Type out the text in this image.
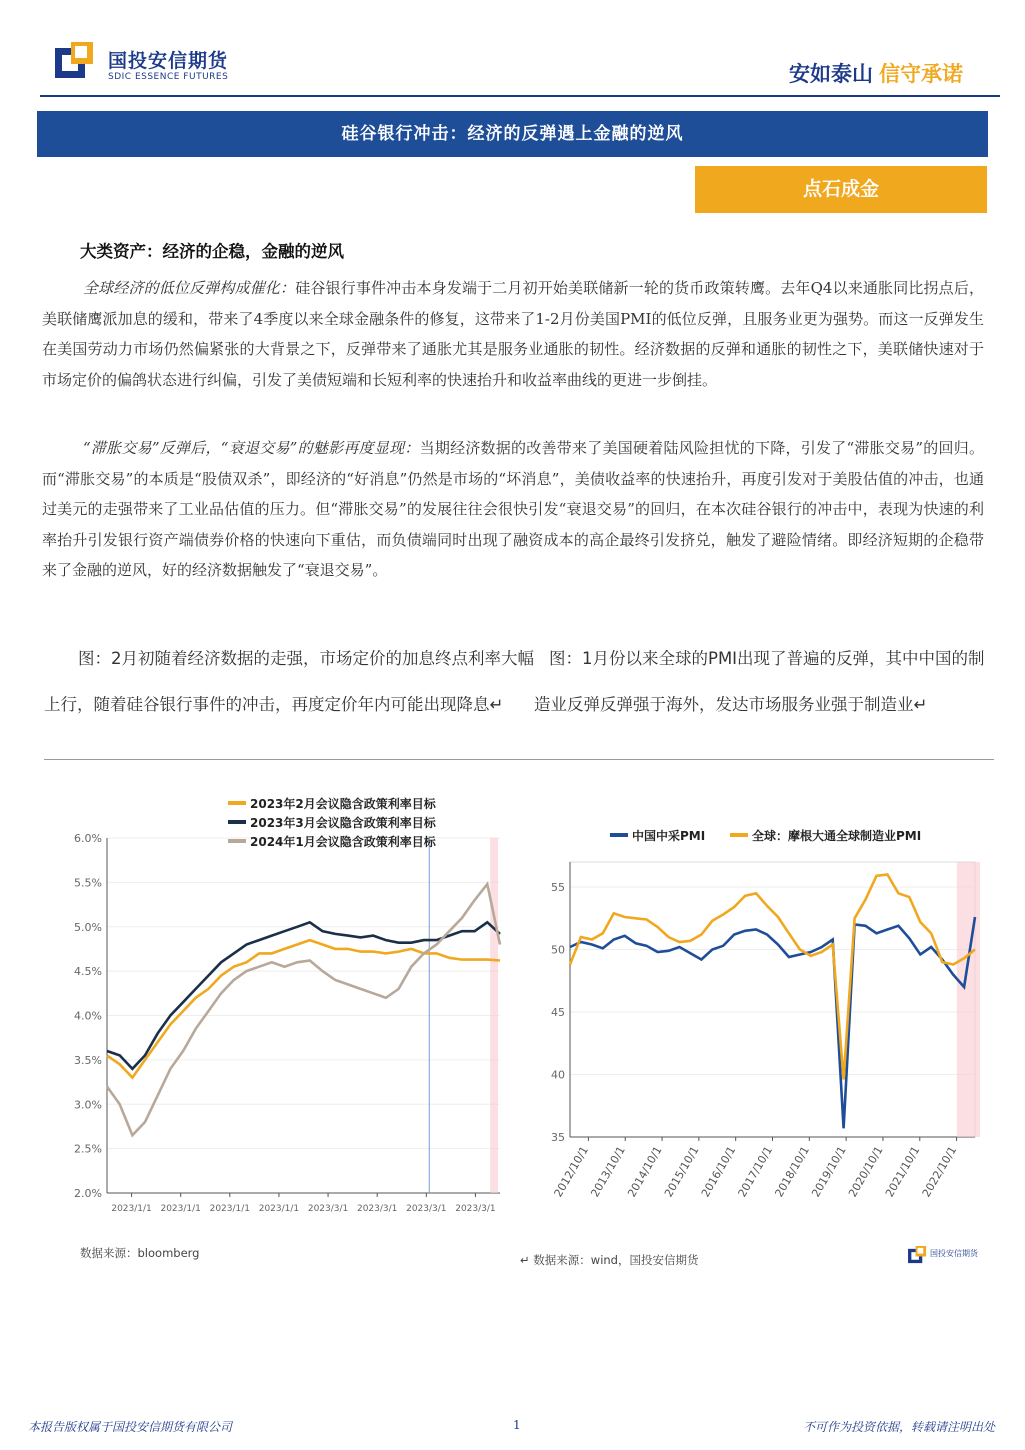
国投安信期货
SDIC ESSENCE FUTURES	安如泰山 信守承诺
硅谷银行冲击：经济的反弹遇上金融的逆风
点石成金
大类资产：经济的企稳，金融的逆风

全球经济的低位反弹构成催化：硅谷银行事件冲击本身发端于二月初开始美联储新一轮的货币政策转鹰。去年Q4以来通胀同比拐点后，美联储鹰派加息的缓和，带来了4季度以来全球金融条件的修复，这带来了1-2月份美国PMI的低位反弹，且服务业更为强势。而这一反弹发生在美国劳动力市场仍然偏紧张的大背景之下，反弹带来了通胀尤其是服务业通胀的韧性。经济数据的反弹和通胀的韧性之下，美联储快速对于市场定价的偏鸽状态进行纠偏，引发了美债短端和长短利率的快速抬升和收益率曲线的更进一步倒挂。

“滞胀交易”反弹后，“衰退交易”的魅影再度显现：当期经济数据的改善带来了美国硬着陆风险担忧的下降，引发了“滞胀交易”的回归。而“滞胀交易”的本质是“股债双杀”，即经济的“好消息”仍然是市场的“坏消息”，美债收益率的快速抬升，再度引发对于美股估值的冲击，也通过美元的走强带来了工业品估值的压力。但“滞胀交易”的发展往往会很快引发“衰退交易”的回归，在本次硅谷银行的冲击中，表现为快速的利率抬升引发银行资产端债券价格的快速向下重估，而负债端同时出现了融资成本的高企最终引发挤兑，触发了避险情绪。即经济短期的企稳带来了金融的逆风，好的经济数据触发了“衰退交易”。

图：2月初随着经济数据的走强，市场定价的加息终点利率大幅
上行，随着硅谷银行事件的冲击，再度定价年内可能出现降息↵
图：1月份以来全球的PMI出现了普遍的反弹，其中中国的制
造业反弹反弹强于海外，发达市场服务业强于制造业↵
2.0%
2.5%
3.0%
3.5%
4.0%
4.5%
5.0%
5.5%
6.0%
2023/1/1 2023/1/1 2023/1/1 2023/1/1 2023/3/1 2023/3/1 2023/3/1 2023/3/1
2023年2月会议隐含政策利率目标
2023年3月会议隐含政策利率目标
2024年1月会议隐含政策利率目标
35
40
45
50
55
2012/10/1
2013/10/1
2014/10/1
2015/10/1
2016/10/1
2017/10/1
2018/10/1
2019/10/1
2020/10/1
2021/10/1
2022/10/1
中国中采PMI	全球：摩根大通全球制造业PMI
数据来源：bloomberg	↵ 数据来源：wind，国投安信期货	国投安信期货
本报告版权属于国投安信期货有限公司	1	不可作为投资依据，转载请注明出处
